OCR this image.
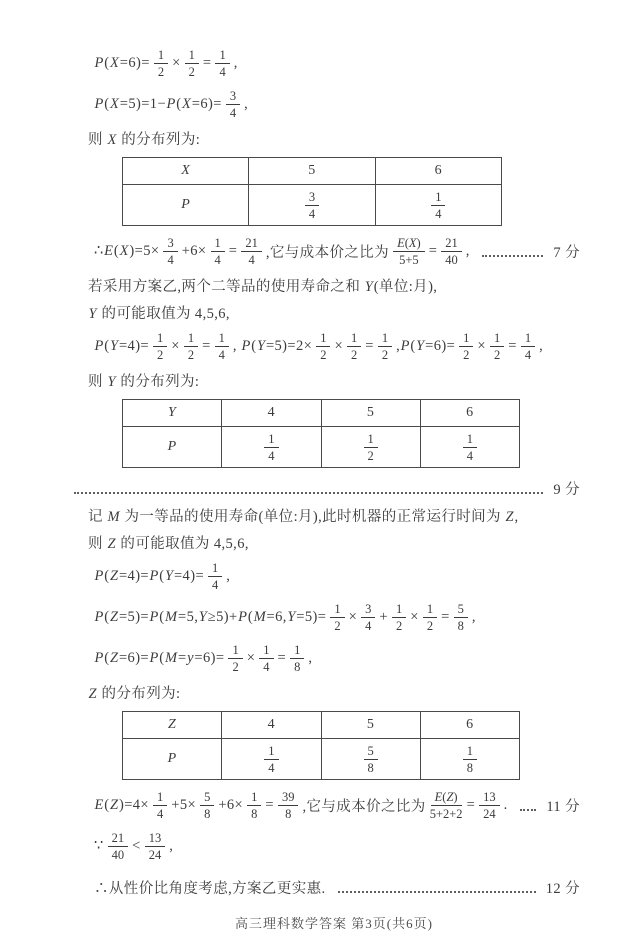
$P(X=6)= \frac{1}{2} \times \frac{1}{2} = \frac{1}{4}$ ,
$P(X=5)=1-P(X=6)= \frac{3}{4}$ ,
则 X 的分布列为:
X	5	6
P	$\frac{3}{4}$	$\frac{1}{4}$
∴E(X)=5× $\frac{3}{4} +6\times \frac{1}{4} = \frac{21}{4}$ ,它与成本价之比为 $\frac{E(X)}{5+5} = \frac{21}{40}$ ,	7 分
若采用方案乙,两个二等品的使用寿命之和 Y(单位:月),
Y 的可能取值为 4,5,6,
$P(Y=4)= \frac{1}{2} \times \frac{1}{2} = \frac{1}{4}$ , $P(Y=5)=2\times \frac{1}{2} \times \frac{1}{2} = \frac{1}{2} ,P(Y=6)= \frac{1}{2} \times \frac{1}{2} = \frac{1}{4}$ ,
则 Y 的分布列为:
Y	4	5	6
P	$\frac{1}{4}$	$\frac{1}{2}$	$\frac{1}{4}$
9 分
记 M 为一等品的使用寿命(单位:月),此时机器的正常运行时间为 Z,
则 Z 的可能取值为 4,5,6,
$P(Z=4)=P(Y=4)= \frac{1}{4}$ ,
$P(Z=5)=P(M=5,Y\ge 5)+P(M=6,Y=5)= \frac{1}{2} \times \frac{3}{4} + \frac{1}{2} \times \frac{1}{2} = \frac{5}{8}$ ,
$P(Z=6)=P(M=y=6)= \frac{1}{2} \times \frac{1}{4} = \frac{1}{8}$ ,
Z 的分布列为:
Z	4	5	6
P	$\frac{1}{4}$	$\frac{5}{8}$	$\frac{1}{8}$
$E(Z)=4\times \frac{1}{4} +5\times \frac{5}{8} +6\times \frac{1}{8} = \frac{39}{8}$ ,它与成本价之比为 $\frac{E(Z)}{5+2+2} = \frac{13}{24}$ .	11 分
∵ $\frac{21}{40} < \frac{13}{24}$ ,
∴从性价比角度考虑,方案乙更实惠.	12 分
高三理科数学答案 第3页(共6页)
